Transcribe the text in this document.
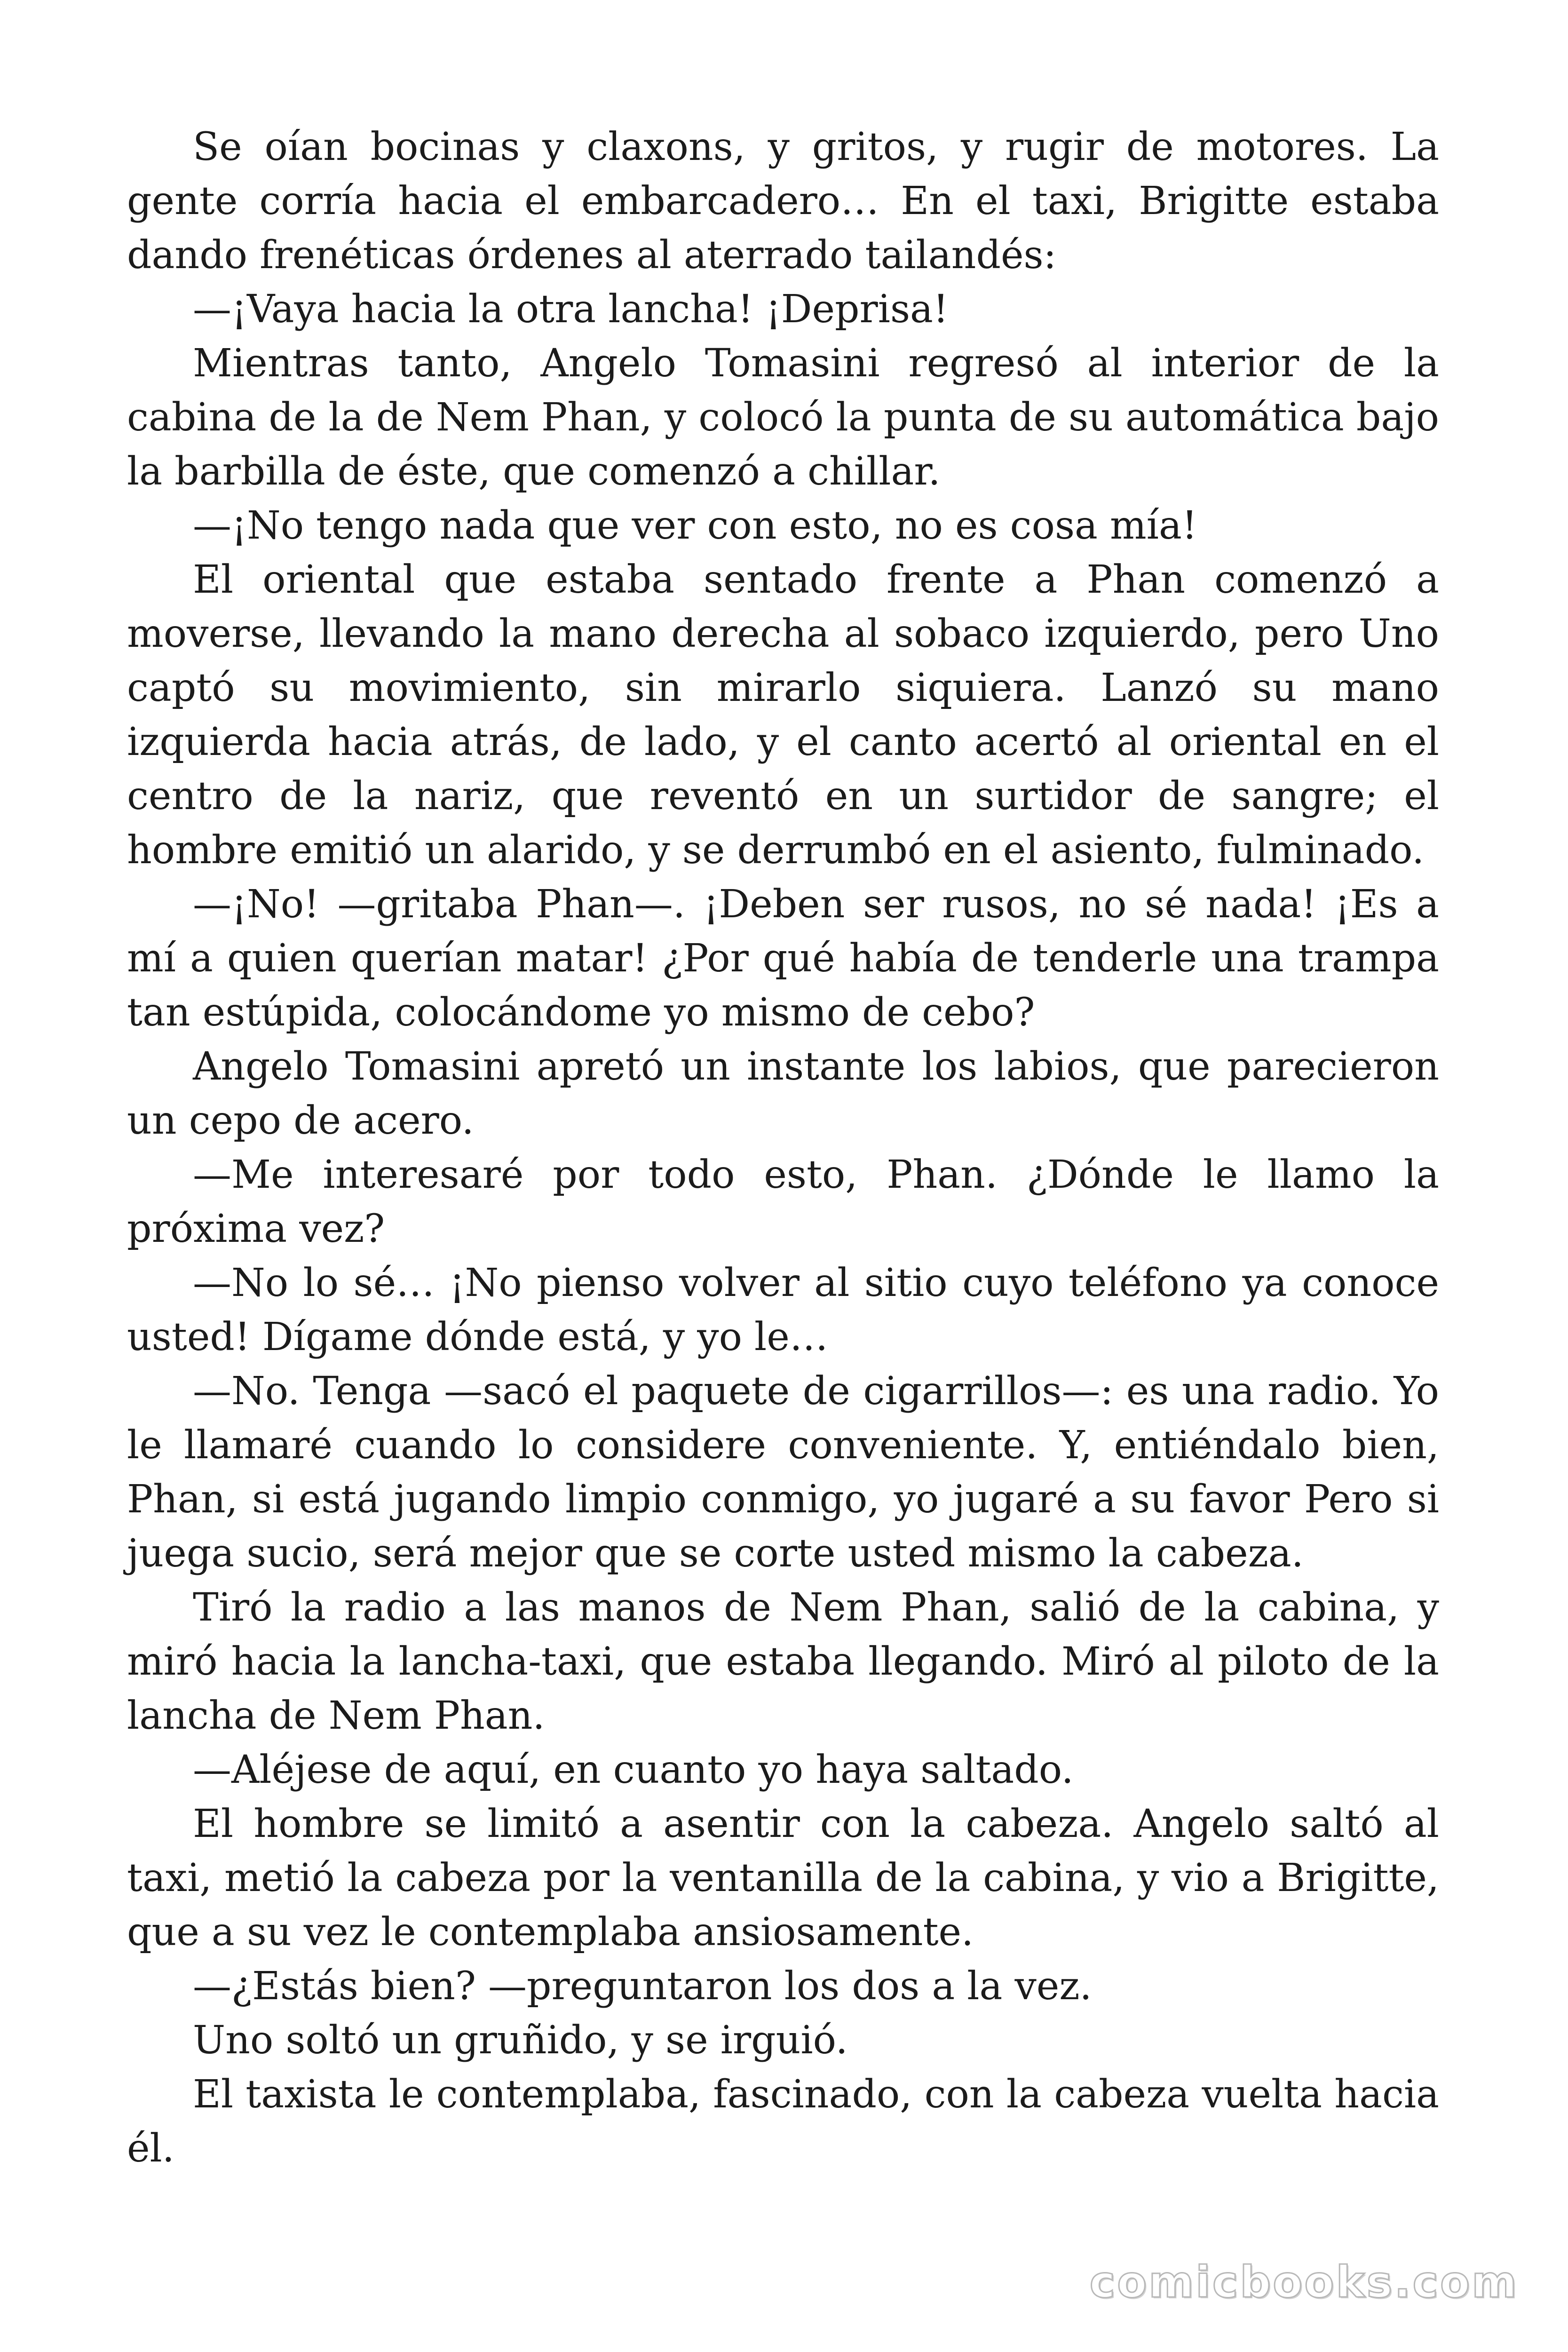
Se oían bocinas y claxons, y gritos, y rugir de motores. La gente corría hacia el embarcadero… En el taxi, Brigitte estaba dando frenéticas órdenes al aterrado tailandés:

—¡Vaya hacia la otra lancha! ¡Deprisa!

Mientras tanto, Angelo Tomasini regresó al interior de la cabina de la de Nem Phan, y colocó la punta de su automática bajo la barbilla de éste, que comenzó a chillar.

—¡No tengo nada que ver con esto, no es cosa mía!

El oriental que estaba sentado frente a Phan comenzó a moverse, llevando la mano derecha al sobaco izquierdo, pero Uno captó su movimiento, sin mirarlo siquiera. Lanzó su mano izquierda hacia atrás, de lado, y el canto acertó al oriental en el centro de la nariz, que reventó en un surtidor de sangre; el hombre emitió un alarido, y se derrumbó en el asiento, fulminado.

—¡No! —gritaba Phan—. ¡Deben ser rusos, no sé nada! ¡Es a mí a quien querían matar! ¿Por qué había de tenderle una trampa tan estúpida, colocándome yo mismo de cebo?

Angelo Tomasini apretó un instante los labios, que parecieron un cepo de acero.

—Me interesaré por todo esto, Phan. ¿Dónde le llamo la próxima vez?

—No lo sé… ¡No pienso volver al sitio cuyo teléfono ya conoce usted! Dígame dónde está, y yo le…

—No. Tenga —sacó el paquete de cigarrillos—: es una radio. Yo le llamaré cuando lo considere conveniente. Y, entiéndalo bien, Phan, si está jugando limpio conmigo, yo jugaré a su favor Pero si juega sucio, será mejor que se corte usted mismo la cabeza.

Tiró la radio a las manos de Nem Phan, salió de la cabina, y miró hacia la lancha-taxi, que estaba llegando. Miró al piloto de la lancha de Nem Phan.

—Aléjese de aquí, en cuanto yo haya saltado.

El hombre se limitó a asentir con la cabeza. Angelo saltó al taxi, metió la cabeza por la ventanilla de la cabina, y vio a Brigitte, que a su vez le contemplaba ansiosamente.

—¿Estás bien? —preguntaron los dos a la vez.

Uno soltó un gruñido, y se irguió.

El taxista le contemplaba, fascinado, con la cabeza vuelta hacia él.

comicbooks.com
